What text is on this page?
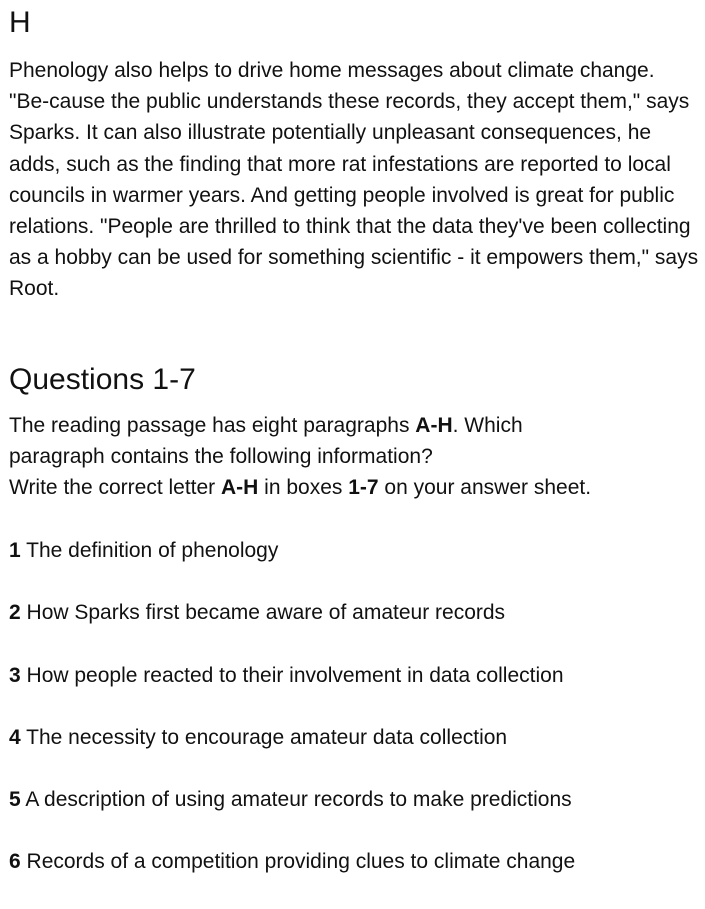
H

Phenology also helps to drive home messages about climate change. "Be-cause the public understands these records, they accept them," says Sparks. It can also illustrate potentially unpleasant consequences, he adds, such as the finding that more rat infestations are reported to local councils in warmer years. And getting people involved is great for public relations. "People are thrilled to think that the data they've been collecting as a hobby can be used for something scientific - it empowers them," says Root.

Questions 1-7

The reading passage has eight paragraphs A-H. Which

paragraph contains the following information?

Write the correct letter A-H in boxes 1-7 on your answer sheet.

1 The definition of phenology
2 How Sparks first became aware of amateur records
3 How people reacted to their involvement in data collection
4 The necessity to encourage amateur data collection
5 A description of using amateur records to make predictions
6 Records of a competition providing clues to climate change
